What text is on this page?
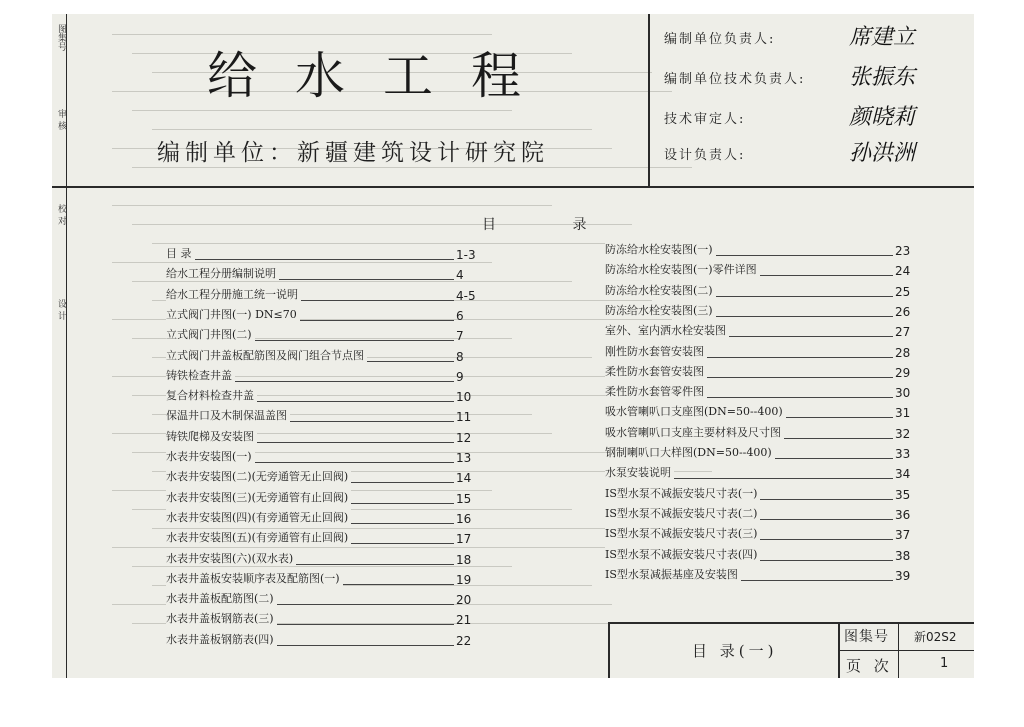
图集号
审 核
校 对
设 计
给水工程
编制单位：新疆建筑设计研究院
编制单位负责人:	席建立
编制单位技术负责人: 张振东
技术审定人:	颜晓莉
设计负责人:	孙洪洲
目 录
目 录	1-3
给水工程分册编制说明	4
给水工程分册施工统一说明	4-5
立式阀门井图(一) DN≤70	6
立式阀门井图(二)	7
立式阀门井盖板配筋图及阀门组合节点图	8
铸铁检查井盖	9
复合材料检查井盖	10
保温井口及木制保温盖图	11
铸铁爬梯及安装图	12
水表井安装图(一)	13
水表井安装图(二)(无旁通管无止回阀)	14
水表井安装图(三)(无旁通管有止回阀)	15
水表井安装图(四)(有旁通管无止回阀)	16
水表井安装图(五)(有旁通管有止回阀)	17
水表井安装图(六)(双水表)	18
水表井盖板安装顺序表及配筋图(一)	19
水表井盖板配筋图(二)	20
水表井盖板钢筋表(三)	21
水表井盖板钢筋表(四)	22
防冻给水栓安装图(一)	23
防冻给水栓安装图(一)零件详图	24
防冻给水栓安装图(二)	25
防冻给水栓安装图(三)	26
室外、室内洒水栓安装图	27
刚性防水套管安装图	28
柔性防水套管安装图	29
柔性防水套管零件图	30
吸水管喇叭口支座图(DN=50--400)	31
吸水管喇叭口支座主要材料及尺寸图	32
钢制喇叭口大样图(DN=50--400)	33
水泵安装说明	34
IS型水泵不减振安装尺寸表(一)	35
IS型水泵不减振安装尺寸表(二)	36
IS型水泵不减振安装尺寸表(三)	37
IS型水泵不减振安装尺寸表(四)	38
IS型水泵减振基座及安装图	39
目 录(一)
图集号 新02S2
页 次	1
